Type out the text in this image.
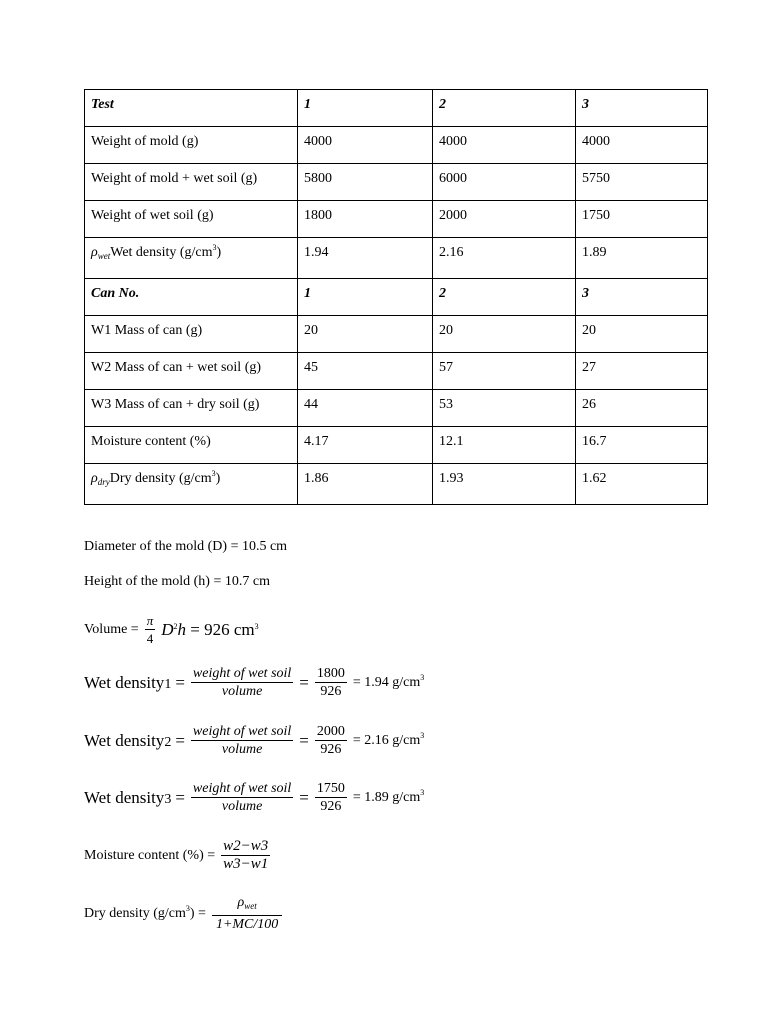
Test	1	2	3
Weight of mold (g)	4000	4000	4000
Weight of mold + wet soil (g)	5800	6000	5750
Weight of wet soil (g)	1800	2000	1750
$\rho_{wet}Wet$ density $(g/cm^3)$	1.94	2.16	1.89
Can No.	1	2	3
W1 Mass of can (g)	20	20	20
W2 Mass of can + wet soil (g)	45	57	27
W3 Mass of can + dry soil (g)	44	53	26
Moisture content (%)	4.17	12.1	16.7
$\rho_{dry}Dry$ density $(g/cm^3)$	1.86	1.93	1.62
Diameter of the mold (D) = 10.5 cm
Height of the mold (h) = 10.7 cm
Volume = $\frac{\pi}{4} D^2h = 926$ $cm^3$
Wet density1 = $\frac{\text{weight of wet soil}}{\text{volume}} = \frac{1800}{926} = 1.94$ $g/cm^3$
Wet density2 = $\frac{\text{weight of wet soil}}{\text{volume}} = \frac{2000}{926} = 2.16$ $g/cm^3$
Wet density3 = $\frac{\text{weight of wet soil}}{\text{volume}} = \frac{1750}{926} = 1.89$ $g/cm^3$
Moisture content (%) = $\frac{w2-w3}{w3-w1}$
Dry density $(g/cm^3) = \frac{\rho_{wet}}{1+MC/100}$
